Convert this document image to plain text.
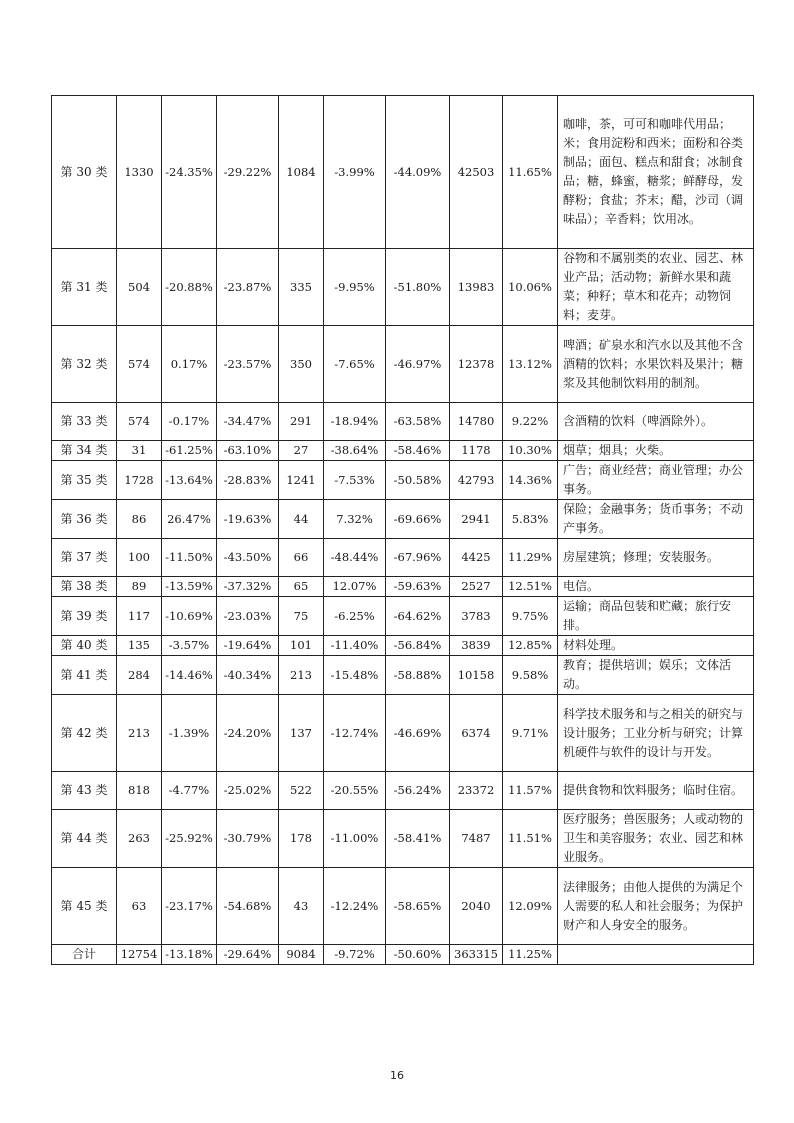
第 30 类	1330	-24.35%	-29.22%	1084	-3.99%	-44.09%	42503	11.65%	咖啡，茶，可可和咖啡代用品；米；食用淀粉和西米；面粉和谷类制品；面包、糕点和甜食；冰制食品；糖，蜂蜜，糖浆；鲜酵母，发酵粉；食盐；芥末；醋，沙司（调味品）；辛香料；饮用冰。
第 31 类	504	-20.88%	-23.87%	335	-9.95%	-51.80%	13983	10.06%	谷物和不属别类的农业、园艺、林业产品；活动物；新鲜水果和蔬菜；种籽；草木和花卉；动物饲料；麦芽。
第 32 类	574	0.17%	-23.57%	350	-7.65%	-46.97%	12378	13.12%	啤酒；矿泉水和汽水以及其他不含酒精的饮料；水果饮料及果汁；糖浆及其他制饮料用的制剂。
第 33 类	574	-0.17%	-34.47%	291	-18.94%	-63.58%	14780	9.22%	含酒精的饮料（啤酒除外）。
第 34 类	31	-61.25%	-63.10%	27	-38.64%	-58.46%	1178	10.30%	烟草；烟具；火柴。
第 35 类	1728	-13.64%	-28.83%	1241	-7.53%	-50.58%	42793	14.36%	广告；商业经营；商业管理；办公事务。
第 36 类	86	26.47%	-19.63%	44	7.32%	-69.66%	2941	5.83%	保险；金融事务；货币事务；不动产事务。
第 37 类	100	-11.50%	-43.50%	66	-48.44%	-67.96%	4425	11.29%	房屋建筑；修理；安装服务。
第 38 类	89	-13.59%	-37.32%	65	12.07%	-59.63%	2527	12.51%	电信。
第 39 类	117	-10.69%	-23.03%	75	-6.25%	-64.62%	3783	9.75%	运输；商品包装和贮藏；旅行安排。
第 40 类	135	-3.57%	-19.64%	101	-11.40%	-56.84%	3839	12.85%	材料处理。
第 41 类	284	-14.46%	-40.34%	213	-15.48%	-58.88%	10158	9.58%	教育；提供培训；娱乐；文体活动。
第 42 类	213	-1.39%	-24.20%	137	-12.74%	-46.69%	6374	9.71%	科学技术服务和与之相关的研究与设计服务；工业分析与研究；计算机硬件与软件的设计与开发。
第 43 类	818	-4.77%	-25.02%	522	-20.55%	-56.24%	23372	11.57%	提供食物和饮料服务；临时住宿。
第 44 类	263	-25.92%	-30.79%	178	-11.00%	-58.41%	7487	11.51%	医疗服务；兽医服务；人或动物的卫生和美容服务；农业、园艺和林业服务。
第 45 类	63	-23.17%	-54.68%	43	-12.24%	-58.65%	2040	12.09%	法律服务；由他人提供的为满足个人需要的私人和社会服务；为保护财产和人身安全的服务。
合计	12754	-13.18%	-29.64%	9084	-9.72%	-50.60%	363315	11.25%	
16
